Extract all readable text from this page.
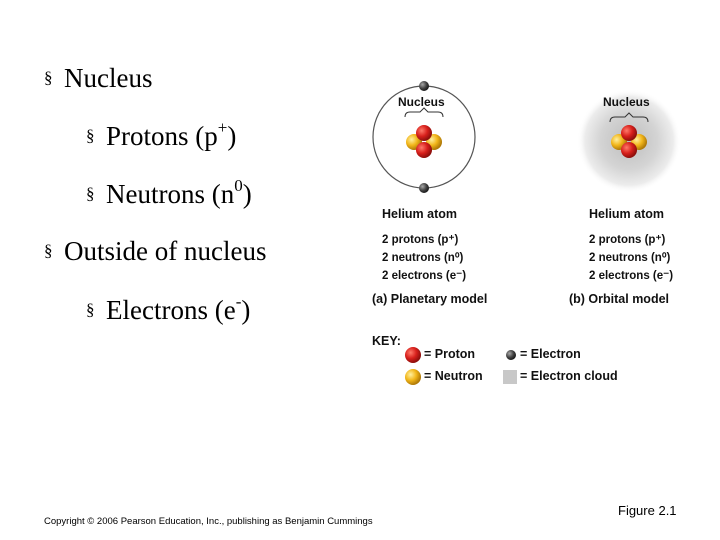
§ Nucleus
§ Protons (p+)
§ Neutrons $(n^0)$
§ Outside of nucleus
§ Electrons (e-)
Nucleus	Nucleus
Helium atom
2 protons (p⁺)
2 neutrons (n⁰)
2 electrons (e⁻)
(a) Planetary model
Helium atom
2 protons (p⁺)
2 neutrons (n⁰)
2 electrons (e⁻)
(b) Orbital model
KEY:
= Proton
= Neutron
= Electron
= Electron cloud
Copyright © 2006 Pearson Education, Inc., publishing as Benjamin Cummings
Figure 2.1
